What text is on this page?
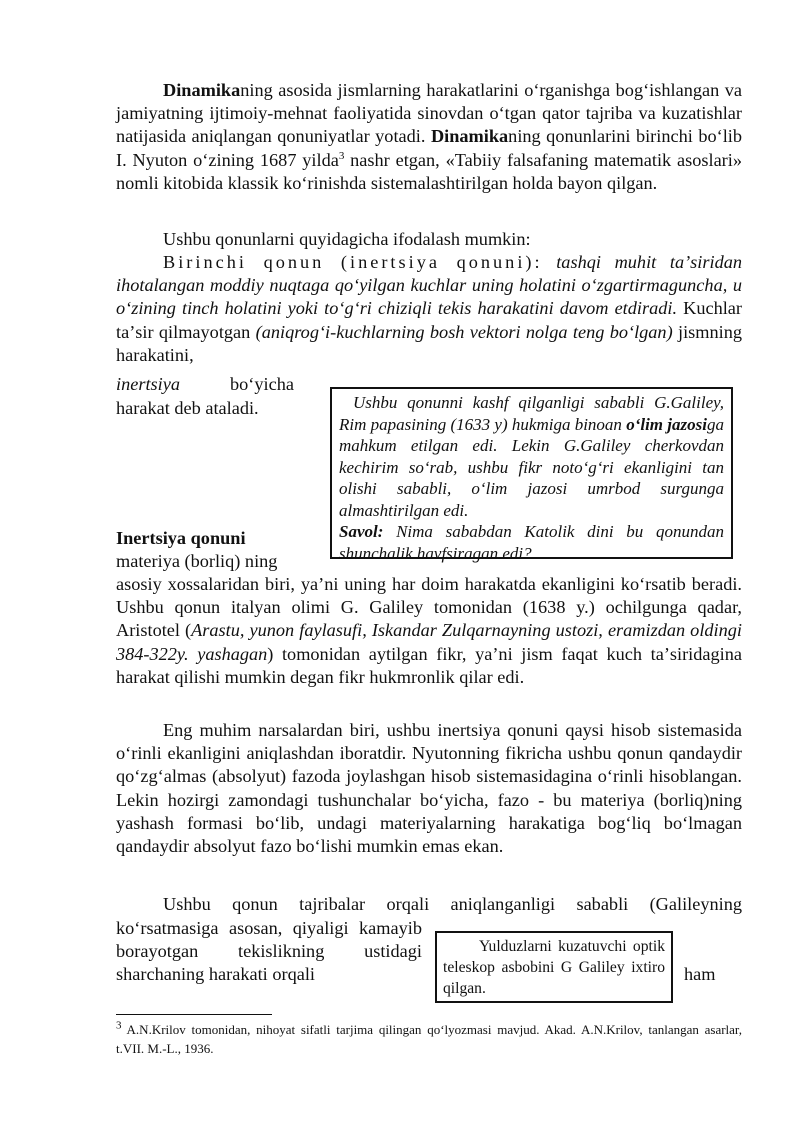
Dinamikaning asosida jismlarning harakatlarini oʻrganishga bogʻishlangan va jamiyatning ijtimoiy-mehnat faoliyatida sinovdan oʻtgan qator tajriba va kuzatishlar natijasida aniqlangan qonuniyatlar yotadi. Dinamikaning qonunlarini birinchi boʻlib I. Nyuton oʻzining 1687 yilda$^3$ nashr etgan, «Tabiiy falsafaning matematik asoslari» nomli kitobida klassik koʻrinishda sistemalashtirilgan holda bayon qilgan.

Ushbu qonunlarni quyidagicha ifodalash mumkin:

Birinchi qonun (inertsiya qonuni): tashqi muhit taʼsiridan ihotalangan moddiy nuqtaga qoʻyilgan kuchlar uning holatini oʻzgartirmaguncha, u oʻzining tinch holatini yoki toʻgʻri chiziqli tekis harakatini davom etdiradi. Kuchlar taʼsir qilmayotgan (aniqrogʻi-kuchlarning bosh vektori nolga teng boʻlgan) jismning harakatini,

inertsiya	boʻyicha

harakat deb ataladi.	Ushbu qonunni kashf qilganligi sababli G.Galiley, Rim papasining (1633 y) hukmiga binoan oʻlim jazosiga mahkum etilgan edi. Lekin G.Galiley cherkovdan kechirim soʻrab, ushbu fikr notoʻgʻri ekanligini tan olishi sababli, oʻlim jazosi umrbod surgunga almashtirilgan edi.

Savol: Nima sababdan Katolik dini bu qonundan shunchalik havfsiragan edi?

Inertsiya qonuni

materiya (borliq) ning

asosiy xossalaridan biri, yaʼni uning har doim harakatda ekanligini koʻrsatib beradi. Ushbu qonun italyan olimi G. Galiley tomonidan (1638 y.) ochilgunga qadar, Aristotel (Arastu, yunon faylasufi, Iskandar Zulqarnayning ustozi, eramizdan oldingi 384-322y. yashagan) tomonidan aytilgan fikr, yaʼni jism faqat kuch taʼsiridagina harakat qilishi mumkin degan fikr hukmronlik qilar edi.

Eng muhim narsalardan biri, ushbu inertsiya qonuni qaysi hisob sistemasida oʻrinli ekanligini aniqlashdan iboratdir. Nyutonning fikricha ushbu qonun qandaydir qoʻzgʻalmas (absolyut) fazoda joylashgan hisob sistemasidagina oʻrinli hisoblangan. Lekin hozirgi zamondagi tushunchalar boʻyicha, fazo - bu materiya (borliq)ning yashash formasi boʻlib, undagi materiyalarning harakatiga bogʻliq boʻlmagan qandaydir absolyut fazo boʻlishi mumkin emas ekan.

Ushbu qonun tajribalar orqali aniqlanganligi sababli (Galileyning

koʻrsatmasiga asosan, qiyaligi kamayib borayotgan tekislikning ustidagi sharchaning harakati orqali	ham

Yulduzlarni kuzatuvchi optik teleskop asbobini G Galiley ixtiro qilgan.

$^3$ A.N.Krilov tomonidan, nihoyat sifatli tarjima qilingan qoʻlyozmasi mavjud. Akad. A.N.Krilov, tanlangan asarlar, t.VII. M.-L., 1936.
